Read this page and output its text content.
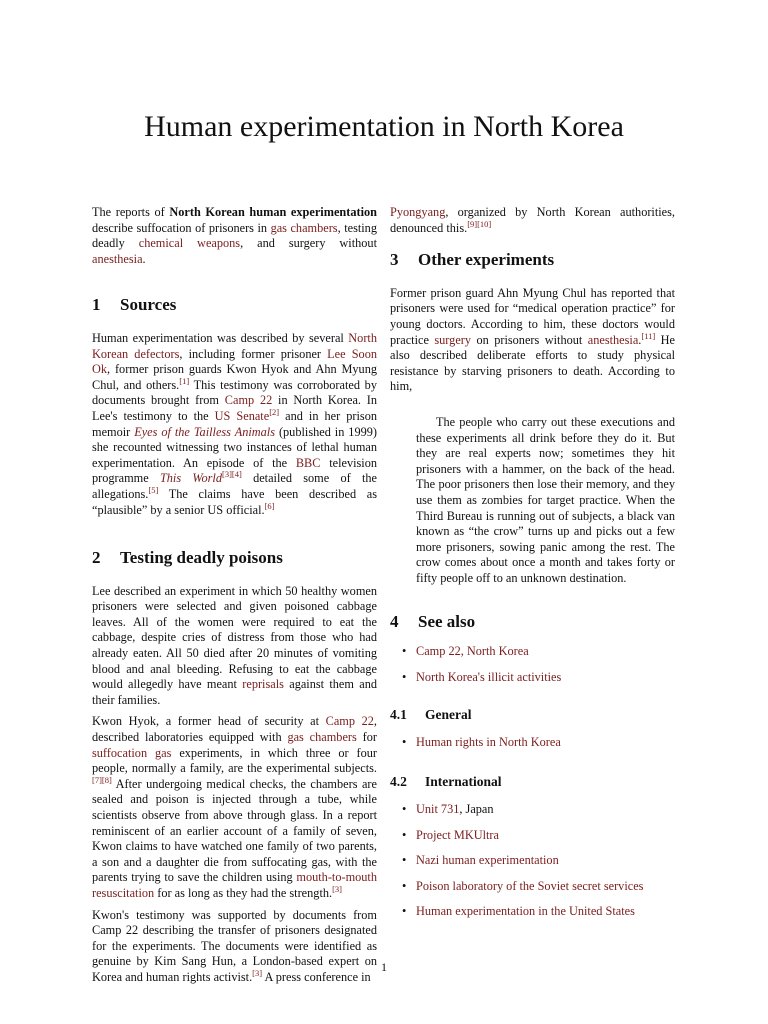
Human experimentation in North Korea

The reports of North Korean human experimentation describe suffocation of prisoners in gas chambers, testing deadly chemical weapons, and surgery without anesthesia.

1 Sources

Human experimentation was described by several North Korean defectors, including former prisoner Lee Soon Ok, former prison guards Kwon Hyok and Ahn Myung Chul, and others.[1] This testimony was corroborated by documents brought from Camp 22 in North Korea. In Lee's testimony to the US Senate[2] and in her prison memoir Eyes of the Tailless Animals (published in 1999) she recounted witnessing two instances of lethal human experimentation. An episode of the BBC television programme This World[3][4] detailed some of the allegations.[5] The claims have been described as “plausible” by a senior US official.[6]

2 Testing deadly poisons

Lee described an experiment in which 50 healthy women prisoners were selected and given poisoned cabbage leaves. All of the women were required to eat the cabbage, despite cries of distress from those who had already eaten. All 50 died after 20 minutes of vomiting blood and anal bleeding. Refusing to eat the cabbage would allegedly have meant reprisals against them and their families.

Kwon Hyok, a former head of security at Camp 22, described laboratories equipped with gas chambers for suffocation gas experiments, in which three or four people, normally a family, are the experimental subjects.[7][8] After undergoing medical checks, the chambers are sealed and poison is injected through a tube, while scientists observe from above through glass. In a report reminiscent of an earlier account of a family of seven, Kwon claims to have watched one family of two parents, a son and a daughter die from suffocating gas, with the parents trying to save the children using mouth-to-mouth resuscitation for as long as they had the strength.[3]

Kwon's testimony was supported by documents from Camp 22 describing the transfer of prisoners designated for the experiments. The documents were identified as genuine by Kim Sang Hun, a London-based expert on Korea and human rights activist.[3] A press conference in

Pyongyang, organized by North Korean authorities, denounced this.[9][10]

3 Other experiments

Former prison guard Ahn Myung Chul has reported that prisoners were used for “medical operation practice” for young doctors. According to him, these doctors would practice surgery on prisoners without anesthesia.[11] He also described deliberate efforts to study physical resistance by starving prisoners to death. According to him,

The people who carry out these executions and these experiments all drink before they do it. But they are real experts now; sometimes they hit prisoners with a hammer, on the back of the head. The poor prisoners then lose their memory, and they use them as zombies for target practice. When the Third Bureau is running out of subjects, a black van known as “the crow” turns up and picks out a few more prisoners, sowing panic among the rest. The crow comes about once a month and takes forty or fifty people off to an unknown destination.

4 See also
• Camp 22, North Korea
• North Korea's illicit activities
4.1 General
• Human rights in North Korea
4.2 International
• Unit 731, Japan
• Project MKUltra
• Nazi human experimentation
• Poison laboratory of the Soviet secret services
• Human experimentation in the United States
1
